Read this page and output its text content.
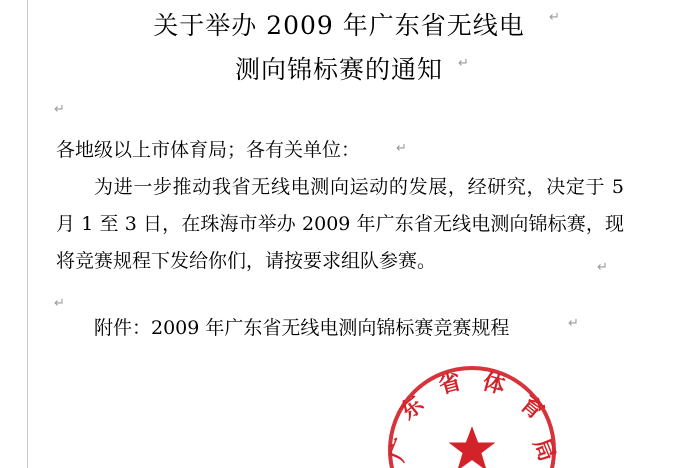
关于举办 2009 年广东省无线电
测向锦标赛的通知
↵
↵
↵
↵
↵
↵
↵
各地级以上市体育局；各有关单位：
为进一步推动我省无线电测向运动的发展，经研究，决定于 5 月 1 至 3 日，在珠海市举办 2009 年广东省无线电测向锦标赛，现将竞赛规程下发给你们，请按要求组队参赛。
附件：2009 年广东省无线电测向锦标赛竞赛规程
东
省 体
育
局
广
